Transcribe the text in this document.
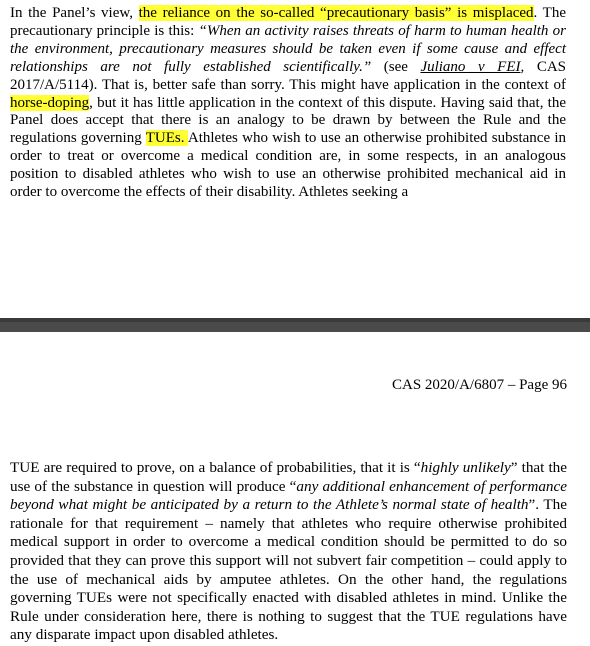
In the Panel’s view, the reliance on the so-called “precautionary basis” is misplaced. The precautionary principle is this: “When an activity raises threats of harm to human health or the environment, precautionary measures should be taken even if some cause and effect relationships are not fully established scientifically.” (see Juliano v FEI, CAS 2017/A/5114). That is, better safe than sorry. This might have application in the context of horse-doping, but it has little application in the context of this dispute. Having said that, the Panel does accept that there is an analogy to be drawn by between the Rule and the regulations governing TUEs. Athletes who wish to use an otherwise prohibited substance in order to treat or overcome a medical condition are, in some respects, in an analogous position to disabled athletes who wish to use an otherwise prohibited mechanical aid in order to overcome the effects of their disability. Athletes seeking a

CAS 2020/A/6807 – Page 96

TUE are required to prove, on a balance of probabilities, that it is “highly unlikely” that the use of the substance in question will produce “any additional enhancement of performance beyond what might be anticipated by a return to the Athlete’s normal state of health”. The rationale for that requirement – namely that athletes who require otherwise prohibited medical support in order to overcome a medical condition should be permitted to do so provided that they can prove this support will not subvert fair competition – could apply to the use of mechanical aids by amputee athletes. On the other hand, the regulations governing TUEs were not specifically enacted with disabled athletes in mind. Unlike the Rule under consideration here, there is nothing to suggest that the TUE regulations have any disparate impact upon disabled athletes.
